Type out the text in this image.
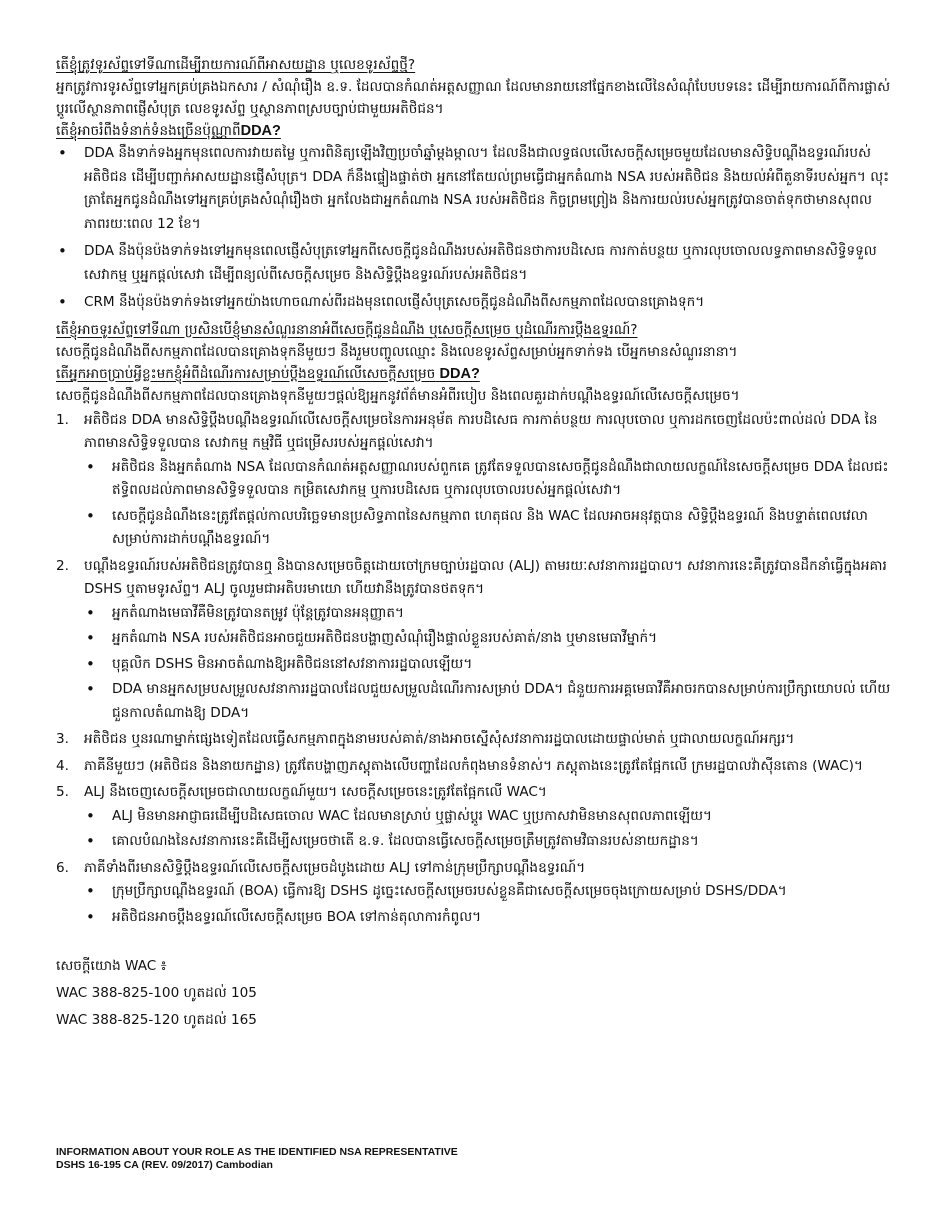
តើខ្ញុំត្រូវទូរស័ព្ទទៅទីណាដើម្បីរាយការណ៍ពីអាសយដ្ឋាន ឬលេខទូរស័ព្ទថ្មី?

អ្នកត្រូវការទូរស័ព្ទទៅអ្នកគ្រប់គ្រងឯកសារ / សំណុំរឿង ឧ.ទ. ដែលបានកំណត់អត្តសញ្ញាណ ដែលមានរាយនៅផ្នែកខាងលើនៃសំណុំបែបបទនេះ ដើម្បីរាយការណ៍ពីការផ្លាស់ប្តូរលើស្ថានភាពផ្ញើសំបុត្រ លេខទូរស័ព្ទ ឬស្ថានភាពស្របច្បាប់ជាមួយអតិថិជន។

តើខ្ញុំអាចរំពឹងទំនាក់ទំនងច្រើនប៉ុណ្ណាពីDDA?

• DDA នឹងទាក់ទងអ្នកមុនពេលការវាយតម្លៃ ឬការពិនិត្យឡើងវិញប្រចាំឆ្នាំម្តងម្កាល។ ដែលនឹងជាលទ្ធផលលើសេចក្តីសម្រេចមួយដែលមានសិទ្ធិបណ្តឹងឧទ្ធរណ៍របស់អតិថិជន ដើម្បីបញ្ជាក់អាសយដ្ឋានផ្ញើសំបុត្រ។ DDA ក៏នឹងផ្ទៀងផ្ទាត់ថា អ្នកនៅតែយល់ព្រមធ្វើជាអ្នកតំណាង NSA របស់អតិថិជន និងយល់អំពីតួនាទីរបស់អ្នក។ លុះត្រាតែអ្នកជូនដំណឹងទៅអ្នកគ្រប់គ្រងសំណុំរឿងថា អ្នកលែងជាអ្នកតំណាង NSA របស់អតិថិជន កិច្ចព្រមព្រៀង និងការយល់របស់អ្នកត្រូវបានចាត់ទុកថាមានសុពលភាពរយៈពេល 12 ខែ។
• DDA នឹងប៉ុនប៉ងទាក់ទងទៅអ្នកមុនពេលផ្ញើសំបុត្រទៅអ្នកពីសេចក្តីជូនដំណឹងរបស់អតិថិជនថាការបដិសេធ ការកាត់បន្ថយ ឬការលុបចោលលទ្ធភាពមានសិទ្ធិទទួលសេវាកម្ម ឬអ្នកផ្តល់សេវា ដើម្បីពន្យល់ពីសេចក្តីសម្រេច និងសិទ្ធិប្តឹងឧទ្ធរណ៍របស់អតិថិជន។
• CRM នឹងប៉ុនប៉ងទាក់ទងទៅអ្នកយ៉ាងហោចណាស់ពីរដងមុនពេលផ្ញើសំបុត្រសេចក្តីជូនដំណឹងពីសកម្មភាពដែលបានគ្រោងទុក។

តើខ្ញុំអាចទូរស័ព្ទទៅទីណា ប្រសិនបើខ្ញុំមានសំណួរនានាអំពីសេចក្តីជូនដំណឹង ឬសេចក្តីសម្រេច ឬដំណើរការប្តឹងឧទ្ធរណ៍?

សេចក្តីជូនដំណឹងពីសកម្មភាពដែលបានគ្រោងទុកនីមួយៗ នឹងរួមបញ្ចូលឈ្មោះ និងលេខទូរស័ព្ទសម្រាប់អ្នកទាក់ទង បើអ្នកមានសំណួរនានា។

តើអ្នកអាចប្រាប់អ្វីខ្លះមកខ្ញុំអំពីដំណើរការសម្រាប់ប្តឹងឧទ្ធរណ៍លើសេចក្តីសម្រេច DDA?

សេចក្តីជូនដំណឹងពីសកម្មភាពដែលបានគ្រោងទុកនីមួយៗផ្តល់ឱ្យអ្នកនូវព័ត៌មានអំពីរបៀប និងពេលគួរដាក់បណ្តឹងឧទ្ធរណ៍លើសេចក្តីសម្រេច។

1. អតិថិជន DDA មានសិទ្ធិប្តឹងបណ្តឹងឧទ្ធរណ៍លើសេចក្តីសម្រេចនៃការអនុម័ត ការបដិសេធ ការកាត់បន្ថយ ការលុបចោល ឬការដកចេញដែលប៉ះពាល់ដល់ DDA នៃភាពមានសិទ្ធិទទួលបាន សេវាកម្ម កម្មវិធី ឬជម្រើសរបស់អ្នកផ្តល់សេវា។
• អតិថិជន និងអ្នកតំណាង NSA ដែលបានកំណត់អត្តសញ្ញាណរបស់ពួកគេ ត្រូវតែទទួលបានសេចក្តីជូនដំណឹងជាលាយលក្ខណ៍នៃសេចក្តីសម្រេច DDA ដែលជះឥទ្ធិពលដល់ភាពមានសិទ្ធិទទួលបាន កម្រិតសេវាកម្ម ឬការបដិសេធ ឬការលុបចោលរបស់អ្នកផ្តល់សេវា។
• សេចក្តីជូនដំណឹងនេះត្រូវតែផ្តល់កាលបរិច្ឆេទមានប្រសិទ្ធភាពនៃសកម្មភាព ហេតុផល និង WAC ដែលអាចអនុវត្តបាន សិទ្ធិប្តឹងឧទ្ធរណ៍ និងបទ្ទាត់ពេលវេលាសម្រាប់ការដាក់បណ្តឹងឧទ្ធរណ៍។
2. បណ្តឹងឧទ្ធរណ៍របស់អតិថិជនត្រូវបានឮ និងបានសម្រេចចិត្តដោយចៅក្រមច្បាប់រដ្ឋបាល (ALJ) តាមរយៈសវនាការរដ្ឋបាល។ សវនាការនេះគឺត្រូវបានដឹកនាំធ្វើក្នុងអគារ DSHS ឬតាមទូរស័ព្ទ។ ALJ ចូលរួមជាអតិបរមាយោ ហើយវានឹងត្រូវបានថតទុក។
• អ្នកតំណាងមេធាវីគឺមិនត្រូវបានតម្រូវ ប៉ុន្តែត្រូវបានអនុញ្ញាត។
• អ្នកតំណាង NSA របស់អតិថិជនអាចជួយអតិថិជនបង្ហាញសំណុំរឿងផ្ទាល់ខ្លួនរបស់គាត់/នាង ឬមានមេធាវីម្នាក់។
• បុគ្គលិក DSHS មិនអាចតំណាងឱ្យអតិថិជននៅសវនាការរដ្ឋបាលឡើយ។
• DDA មានអ្នកសម្របសម្រួលសវនាការរដ្ឋបាលដែលជួយសម្រួលដំណើរការសម្រាប់ DDA។ ជំនួយការអគ្គមេធាវីគឺអាចរកបានសម្រាប់ការប្រឹក្សាយោបល់ ហើយជួនកាលតំណាងឱ្យ DDA។
3. អតិថិជន ឬនរណាម្នាក់ផ្សេងទៀតដែលធ្វើសកម្មភាពក្នុងនាមរបស់គាត់/នាងអាចស្នើសុំសវនាការរដ្ឋបាលដោយផ្ទាល់មាត់ ឬជាលាយលក្ខណ៍អក្សរ។
4. ភាគីនីមួយៗ (អតិថិជន និងនាយកដ្ឋាន) ត្រូវតែបង្ហាញភស្តុតាងលើបញ្ហាដែលកំពុងមានទំនាស់។ ភស្តុតាងនេះត្រូវតែផ្អែកលើ ក្រមរដ្ឋបាលវ៉ាស៊ីនតោន (WAC)។
5. ALJ នឹងចេញសេចក្តីសម្រេចជាលាយលក្ខណ៍មួយ។ សេចក្តីសម្រេចនេះត្រូវតែផ្អែកលើ WAC។
• ALJ មិនមានអាជ្ញាធរដើម្បីបដិសេធចោល WAC ដែលមានស្រាប់ ឬផ្លាស់ប្តូរ WAC ឬប្រកាសវាមិនមានសុពលភាពឡើយ។
• គោលបំណងនៃសវនាការនេះគឺដើម្បីសម្រេចថាតើ ឧ.ទ. ដែលបានធ្វើសេចក្តីសម្រេចត្រឹមត្រូវតាមវិធានរបស់នាយកដ្ឋាន។
6. ភាគីទាំងពីរមានសិទ្ធិប្តឹងឧទ្ធរណ៍លើសេចក្តីសម្រេចដំបូងដោយ ALJ ទៅកាន់ក្រុមប្រឹក្សាបណ្តឹងឧទ្ធរណ៍។
• ក្រុមប្រឹក្សាបណ្តឹងឧទ្ធរណ៍ (BOA) ធ្វើការឱ្យ DSHS ដូច្នេះសេចក្តីសម្រេចរបស់ខ្លួនគឺជាសេចក្តីសម្រេចចុងក្រោយសម្រាប់ DSHS/DDA។
• អតិថិជនអាចប្តឹងឧទ្ធរណ៍លើសេចក្តីសម្រេច BOA ទៅកាន់តុលាការកំពូល។
សេចក្តីយោង WAC ៖
WAC 388-825-100 ហូតដល់ 105
WAC 388-825-120 ហូតដល់ 165
INFORMATION ABOUT YOUR ROLE AS THE IDENTIFIED NSA REPRESENTATIVE
DSHS 16-195 CA (REV. 09/2017) Cambodian
